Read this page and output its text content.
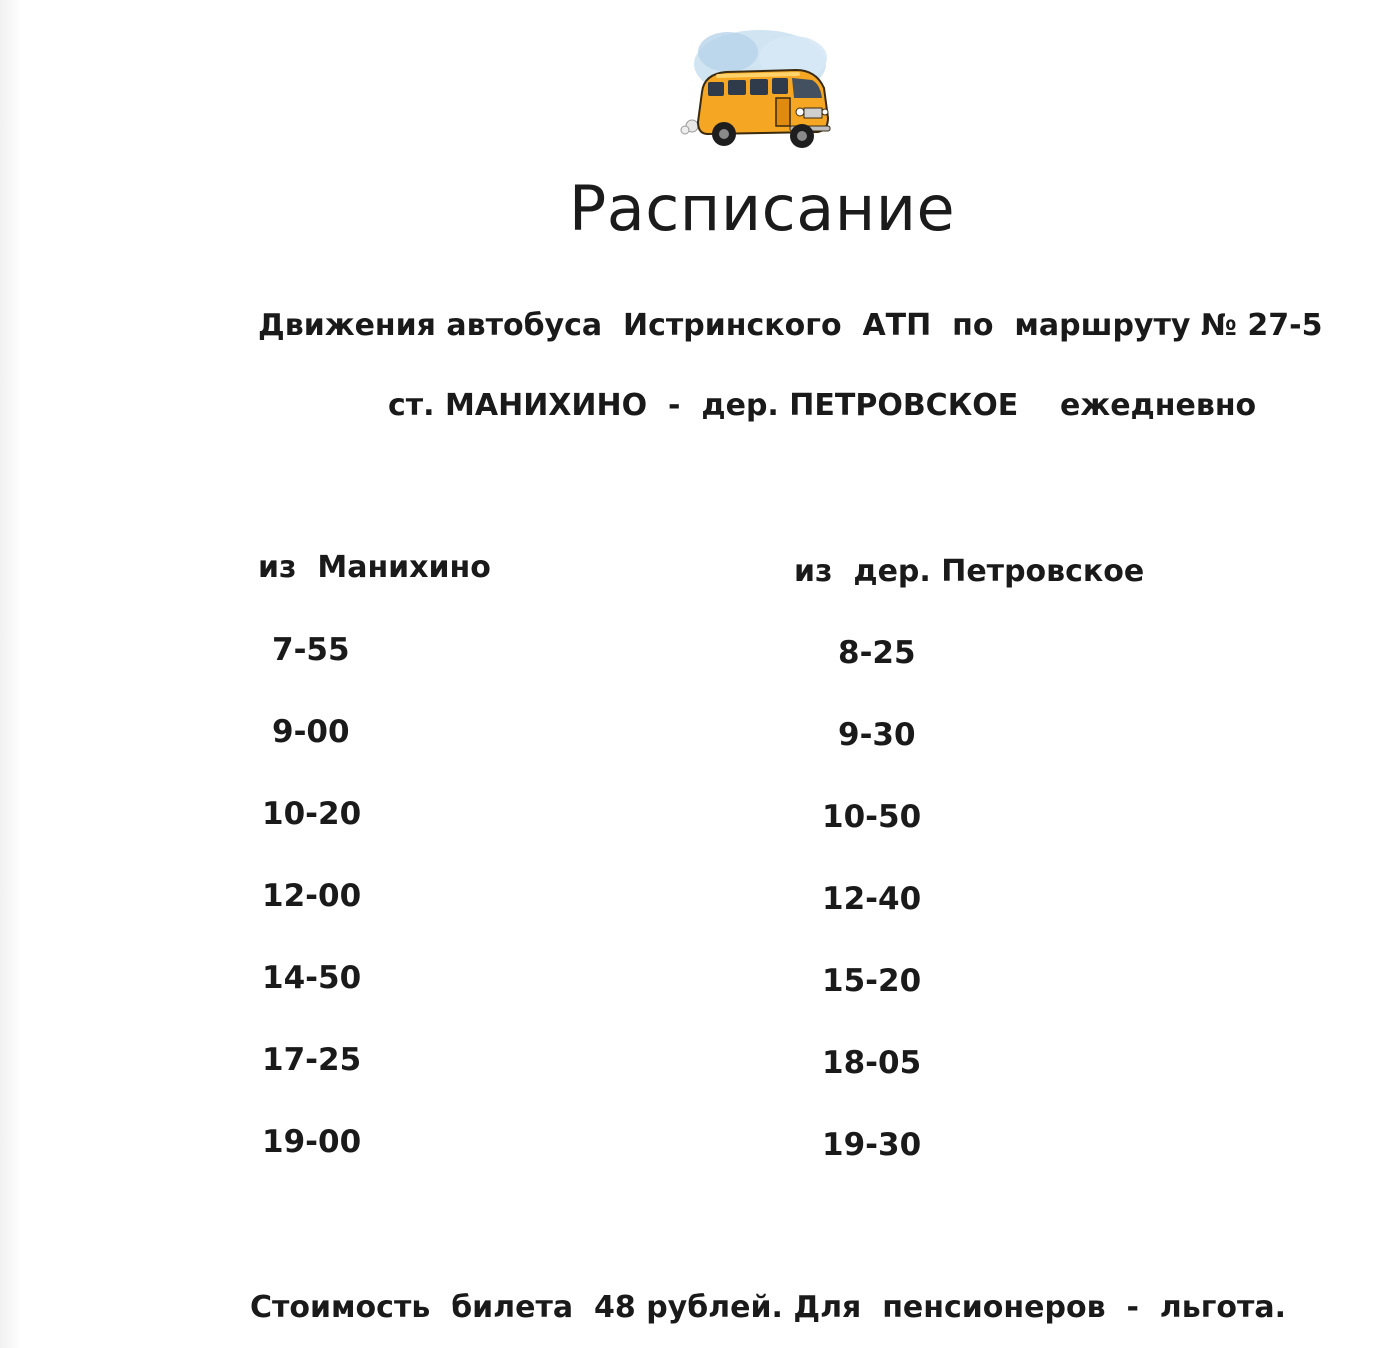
Расписание
Движения автобуса  Истринского  АТП  по  маршруту № 27-5
ст. МАНИХИНО  -  дер. ПЕТРОВСКОЕ    ежедневно
из  Манихино	из  дер. Петровское
7-55
9-00
10-20
12-00
14-50
17-25
19-00
8-25
9-30
10-50
12-40
15-20
18-05
19-30
Стоимость  билета  48 рублей. Для  пенсионеров  -  льгота.
